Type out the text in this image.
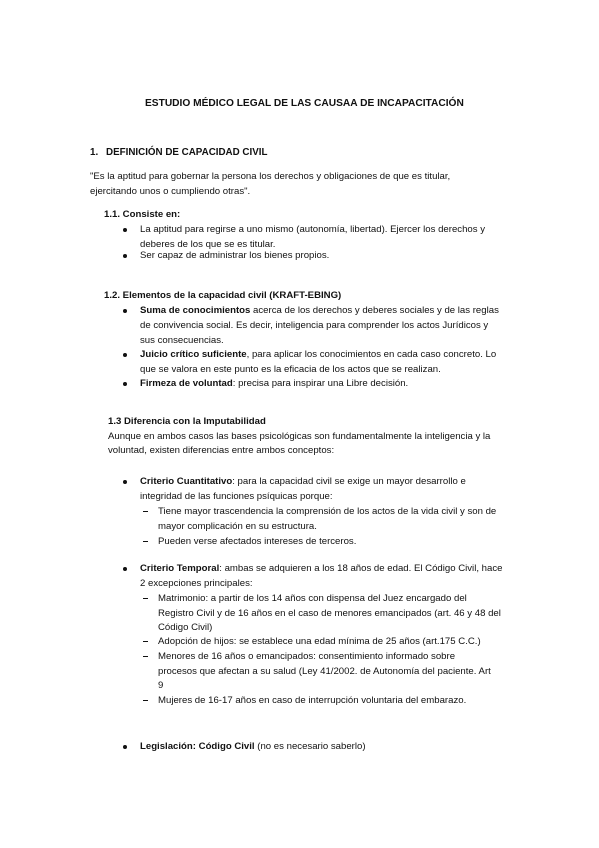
ESTUDIO MÉDICO LEGAL DE LAS CAUSAA DE INCAPACITACIÓN
1. DEFINICIÓN DE CAPACIDAD CIVIL
"Es la aptitud para gobernar la persona los derechos y obligaciones de que es titular,
ejercitando unos o cumpliendo otras".
1.1. Consiste en:
La aptitud para regirse a uno mismo (autonomía, libertad). Ejercer los derechos y
deberes de los que se es titular.
Ser capaz de administrar los bienes propios.
1.2. Elementos de la capacidad civil (KRAFT-EBING)
Suma de conocimientos acerca de los derechos y deberes sociales y de las reglas
de convivencia social. Es decir, inteligencia para comprender los actos Jurídicos y
sus consecuencias.
Juicio crítico suficiente, para aplicar los conocimientos en cada caso concreto. Lo
que se valora en este punto es la eficacia de los actos que se realizan.
Firmeza de voluntad: precisa para inspirar una Libre decisión.
1.3 Diferencia con la Imputabilidad
Aunque en ambos casos las bases psicológicas son fundamentalmente la inteligencia y la
voluntad, existen diferencias entre ambos conceptos:
Criterio Cuantitativo: para la capacidad civil se exige un mayor desarrollo e
integridad de las funciones psíquicas porque:
Tiene mayor trascendencia la comprensión de los actos de la vida civil y son de
mayor complicación en su estructura.
Pueden verse afectados intereses de terceros.
Criterio Temporal: ambas se adquieren a los 18 años de edad. El Código Civil, hace
2 excepciones principales:
Matrimonio: a partir de los 14 años con dispensa del Juez encargado del
Registro Civil y de 16 años en el caso de menores emancipados (art. 46 y 48 del
Código Civil)
Adopción de hijos: se establece una edad mínima de 25 años (art.175 C.C.)
Menores de 16 años o emancipados: consentimiento informado sobre
procesos que afectan a su salud (Ley 41/2002. de Autonomía del paciente. Art
9
Mujeres de 16-17 años en caso de interrupción voluntaria del embarazo.
Legislación: Código Civil (no es necesario saberlo)
